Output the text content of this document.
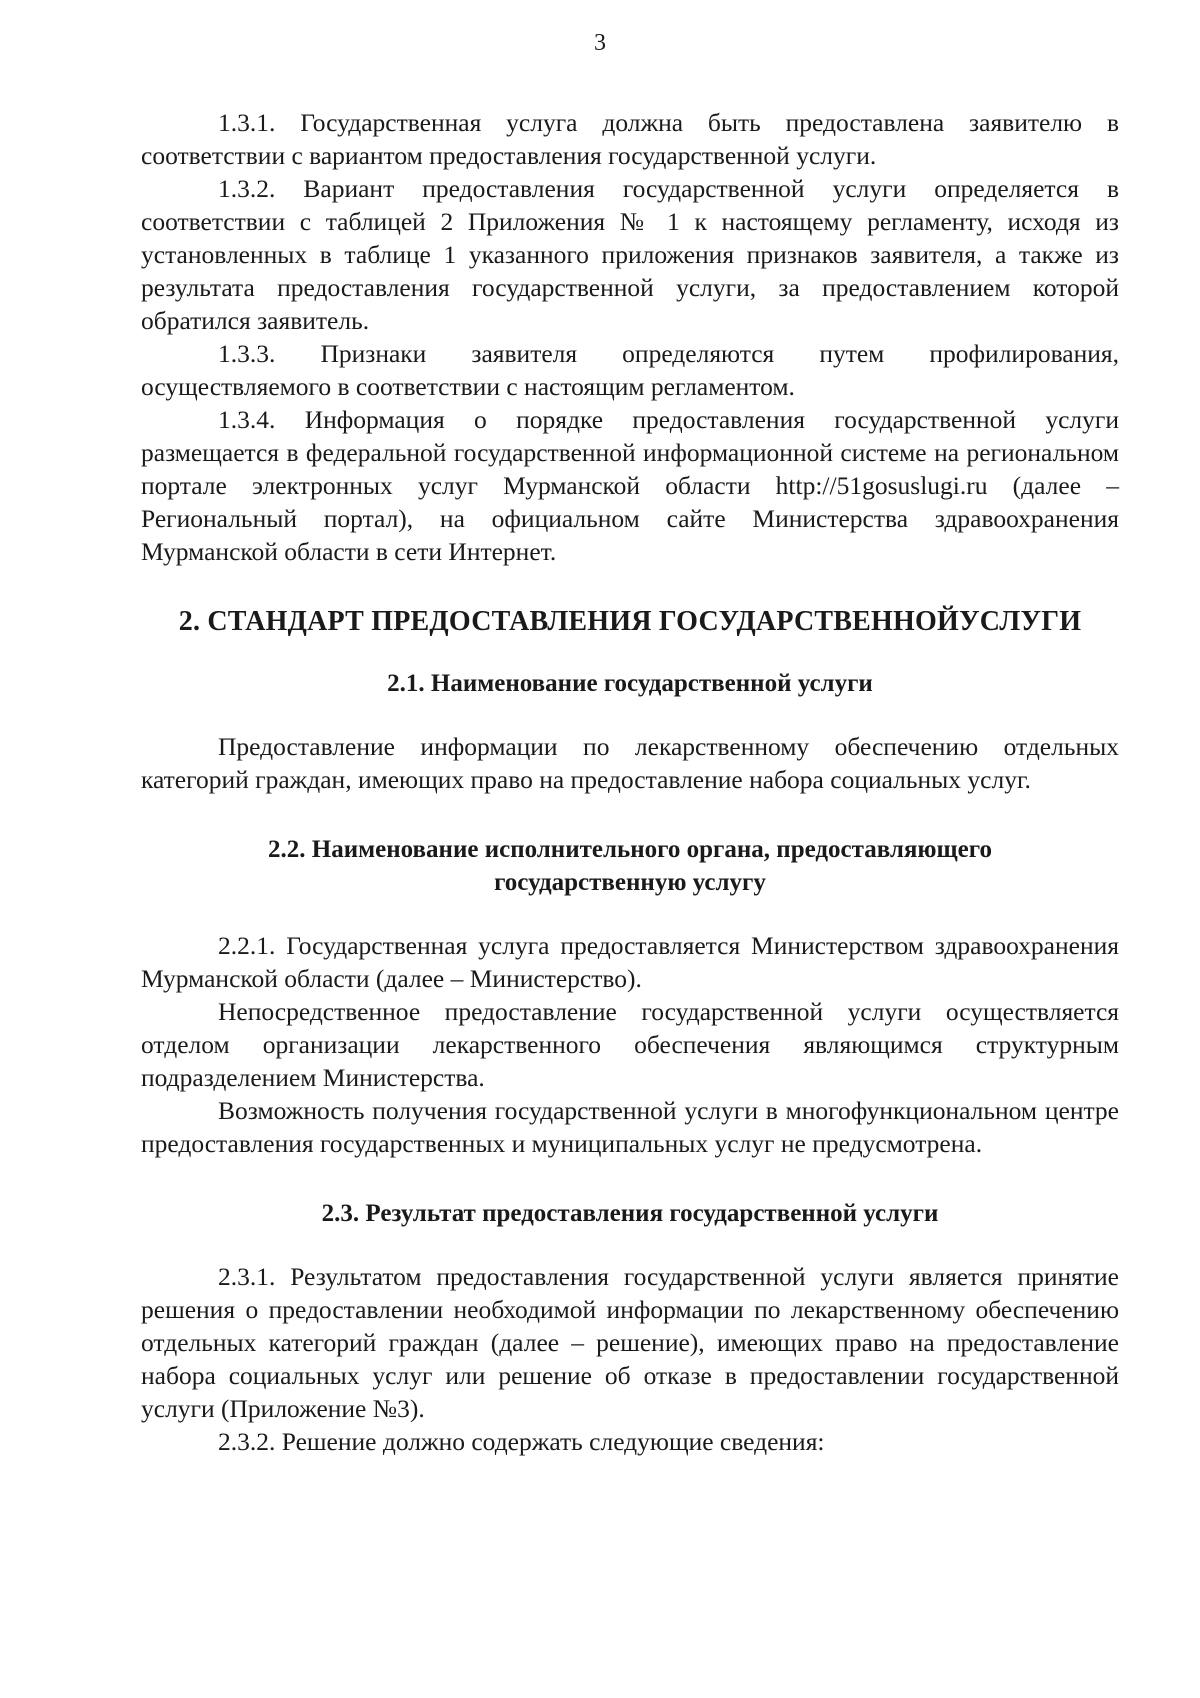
3

1.3.1. Государственная услуга должна быть предоставлена заявителю в соответствии с вариантом предоставления государственной услуги.

1.3.2. Вариант предоставления государственной услуги определяется в соответствии с таблицей 2 Приложения № 1 к настоящему регламенту, исходя из установленных в таблице 1 указанного приложения признаков заявителя, а также из результата предоставления государственной услуги, за предоставлением которой обратился заявитель.

1.3.3. Признаки заявителя определяются путем профилирования, осуществляемого в соответствии с настоящим регламентом.

1.3.4. Информация о порядке предоставления государственной услуги размещается в федеральной государственной информационной системе на региональном портале электронных услуг Мурманской области http://51gosuslugi.ru (далее – Региональный портал), на официальном сайте Министерства здравоохранения Мурманской области в сети Интернет.

2. СТАНДАРТ ПРЕДОСТАВЛЕНИЯ ГОСУДАРСТВЕННОЙУСЛУГИ
2.1. Наименование государственной услуги

Предоставление информации по лекарственному обеспечению отдельных категорий граждан, имеющих право на предоставление набора социальных услуг.

2.2. Наименование исполнительного органа, предоставляющего
государственную услугу

2.2.1. Государственная услуга предоставляется Министерством здравоохранения Мурманской области (далее – Министерство).

Непосредственное предоставление государственной услуги осуществляется отделом организации лекарственного обеспечения являющимся структурным подразделением Министерства.

Возможность получения государственной услуги в многофункциональном центре предоставления государственных и муниципальных услуг не предусмотрена.

2.3. Результат предоставления государственной услуги

2.3.1. Результатом предоставления государственной услуги является принятие решения о предоставлении необходимой информации по лекарственному обеспечению отдельных категорий граждан (далее – решение), имеющих право на предоставление набора социальных услуг или решение об отказе в предоставлении государственной услуги (Приложение №3).

2.3.2. Решение должно содержать следующие сведения:
